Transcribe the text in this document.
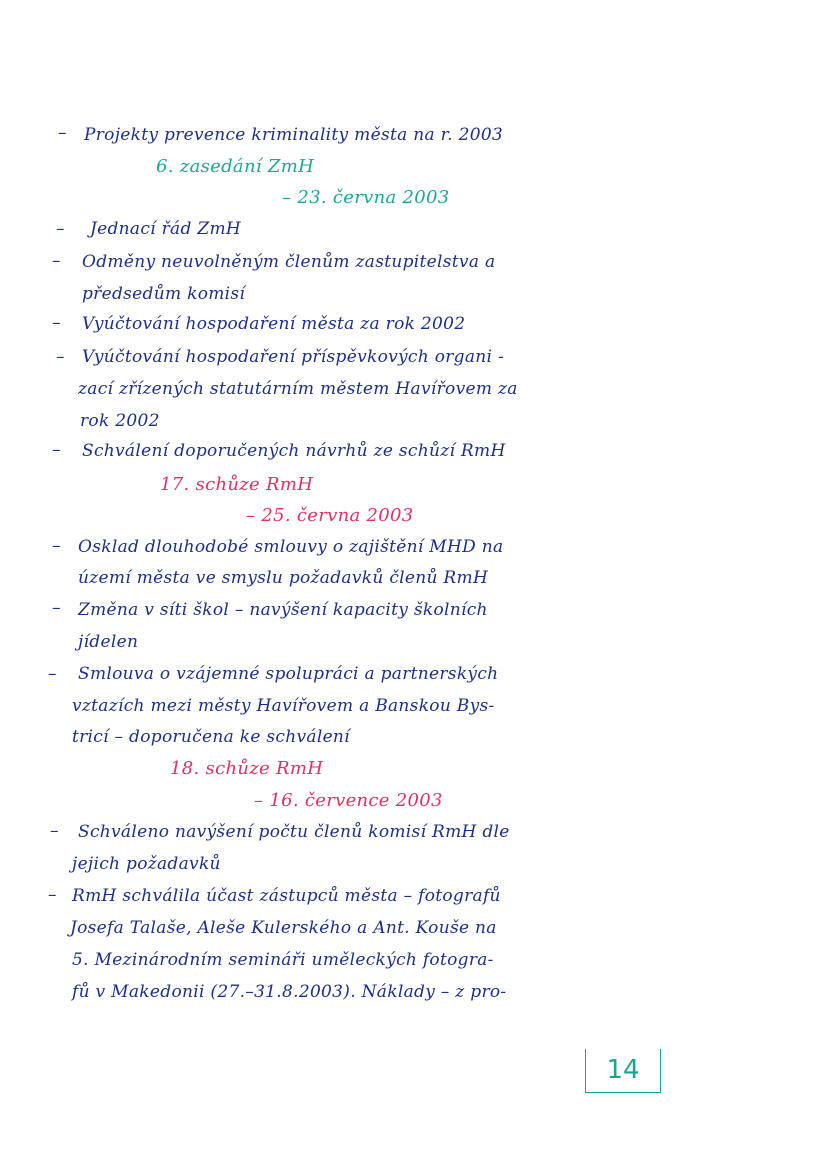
– Projekty prevence kriminality města na r. 2003
6. zasedání ZmH
– 23. června 2003
– Jednací řád ZmH
– Odměny neuvolněným členům zastupitelstva a
předsedům komisí
– Vyúčtování hospodaření města za rok 2002
– Vyúčtování hospodaření příspěvkových organi -
zací zřízených statutárním městem Havířovem za
rok 2002
– Schválení doporučených návrhů ze schůzí RmH
17. schůze RmH
– 25. června 2003
– Osklad dlouhodobé smlouvy o zajištění MHD na
území města ve smyslu požadavků členů RmH
– Změna v síti škol – navýšení kapacity školních
jídelen
– Smlouva o vzájemné spolupráci a partnerských
vztazích mezi městy Havířovem a Banskou Bys-
tricí – doporučena ke schválení
18. schůze RmH
– 16. července 2003
– Schváleno navýšení počtu členů komisí RmH dle
jejich požadavků
– RmH schválila účast zástupců města – fotografů
Josefa Talaše, Aleše Kulerského a Ant. Kouše na
5. Mezinárodním semináři uměleckých fotogra-
fů v Makedonii (27.–31.8.2003). Náklady – z pro-
14
